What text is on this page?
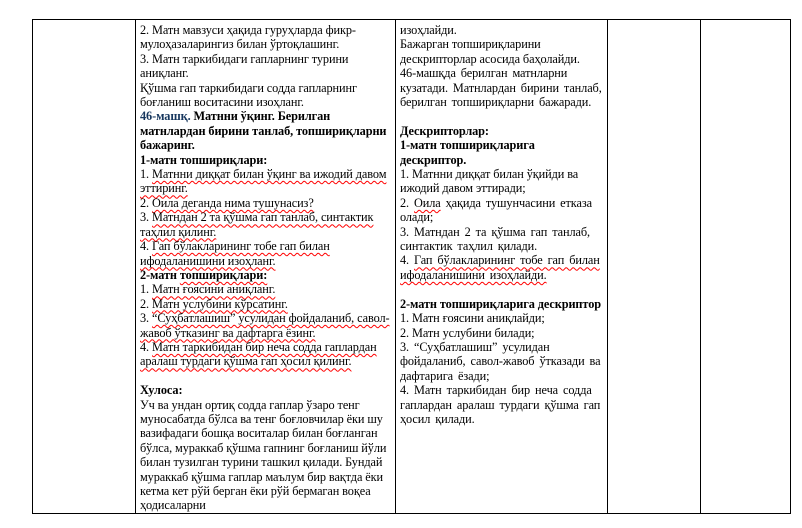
2. Матн мавзуси ҳақида гуруҳларда фикр-мулоҳазаларингиз билан ўртоқлашинг.

3. Матн таркибидаги гапларнинг турини аниқланг.

Қўшма гап таркибидаги содда гапларнинг боғланиш воситасини изоҳланг.

46-машқ. Матнни ўқинг. Берилган матнлардан бирини танлаб, топшириқларни бажаринг.

1-матн топшириқлари:

1. Матнни диққат билан ўқинг ва ижодий давом эттиринг.

2. Оила деганда нима тушунасиз?

3. Матндан 2 та қўшма гап танлаб, синтактик таҳлил қилинг.

4. Гап бўлакларининг тобе гап билан ифодаланишини изоҳланг.

2-матн топшириқлари:

1. Матн ғоясини аниқланг.

2. Матн услубини кўрсатинг.

3. “Суҳбатлашиш” усулидан фойдаланиб, савол-жавоб ўтказинг ва дафтарга ёзинг.

4. Матн таркибидан бир неча содда гаплардан аралаш турдаги қўшма гап ҳосил қилинг.

Хулоса:

Уч ва ундан ортиқ содда гаплар ўзаро тенг муносабатда бўлса ва тенг боғловчилар ёки шу вазифадаги бошқа воситалар билан боғланган бўлса, мураккаб қўшма гапнинг боғланиш йўли билан тузилган турини ташкил қилади. Бундай мураккаб қўшма гаплар маълум бир вақтда ёки кетма кет рўй берган ёки рўй бермаган воқеа ҳодисаларни

изоҳлайди.

Бажарган топшириқларини дескрипторлар асосида баҳолайди.

46-машқда берилган матнларни кузатади. Матнлардан бирини танлаб, берилган топшириқларни бажаради.

Дескрипторлар:

1-матн топшириқларига дескриптор.

1. Матнни диққат билан ўқийди ва ижодий давом эттиради;

2. Оила ҳақида тушунчасини етказа олади;

3. Матндан 2 та қўшма гап танлаб, синтактик таҳлил қилади.

4. Гап бўлакларининг тобе гап билан ифодаланишини изоҳлайди.

2-матн топшириқларига дескриптор

1. Матн ғоясини аниқлайди;

2. Матн услубини билади;

3. “Суҳбатлашиш” усулидан фойдаланиб, савол-жавоб ўтказади ва дафтарига ёзади;

4. Матн таркибидан бир неча содда гаплардан аралаш турдаги қўшма гап ҳосил қилади.
